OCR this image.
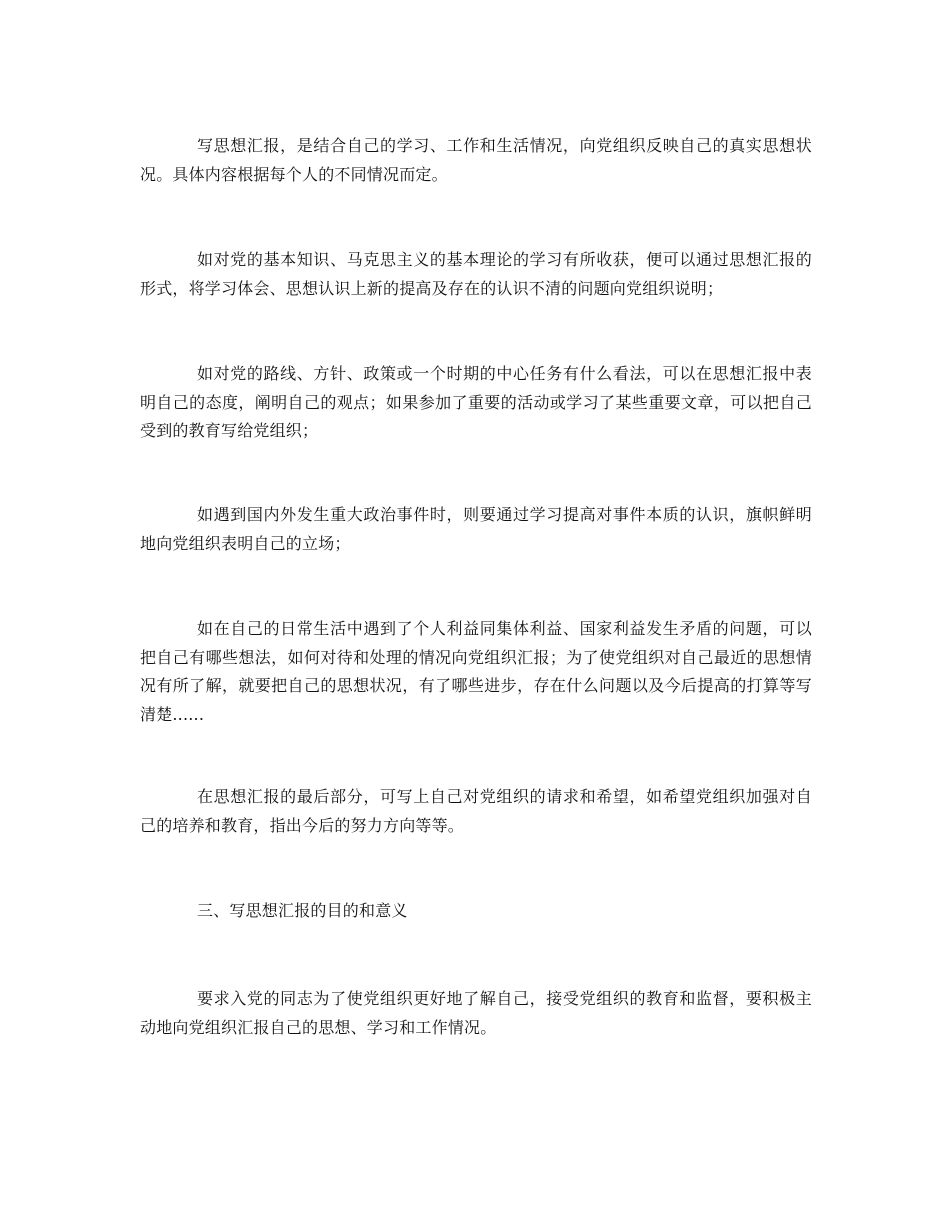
写思想汇报，是结合自己的学习、工作和生活情况，向党组织反映自己的真实思想状况。具体内容根据每个人的不同情况而定。

如对党的基本知识、马克思主义的基本理论的学习有所收获，便可以通过思想汇报的形式，将学习体会、思想认识上新的提高及存在的认识不清的问题向党组织说明；

如对党的路线、方针、政策或一个时期的中心任务有什么看法，可以在思想汇报中表明自己的态度，阐明自己的观点；如果参加了重要的活动或学习了某些重要文章，可以把自己受到的教育写给党组织；

如遇到国内外发生重大政治事件时，则要通过学习提高对事件本质的认识，旗帜鲜明地向党组织表明自己的立场；

如在自己的日常生活中遇到了个人利益同集体利益、国家利益发生矛盾的问题，可以把自己有哪些想法，如何对待和处理的情况向党组织汇报；为了使党组织对自己最近的思想情况有所了解，就要把自己的思想状况，有了哪些进步，存在什么问题以及今后提高的打算等写清楚......

在思想汇报的最后部分，可写上自己对党组织的请求和希望，如希望党组织加强对自己的培养和教育，指出今后的努力方向等等。

三、写思想汇报的目的和意义

要求入党的同志为了使党组织更好地了解自己，接受党组织的教育和监督，要积极主动地向党组织汇报自己的思想、学习和工作情况。
